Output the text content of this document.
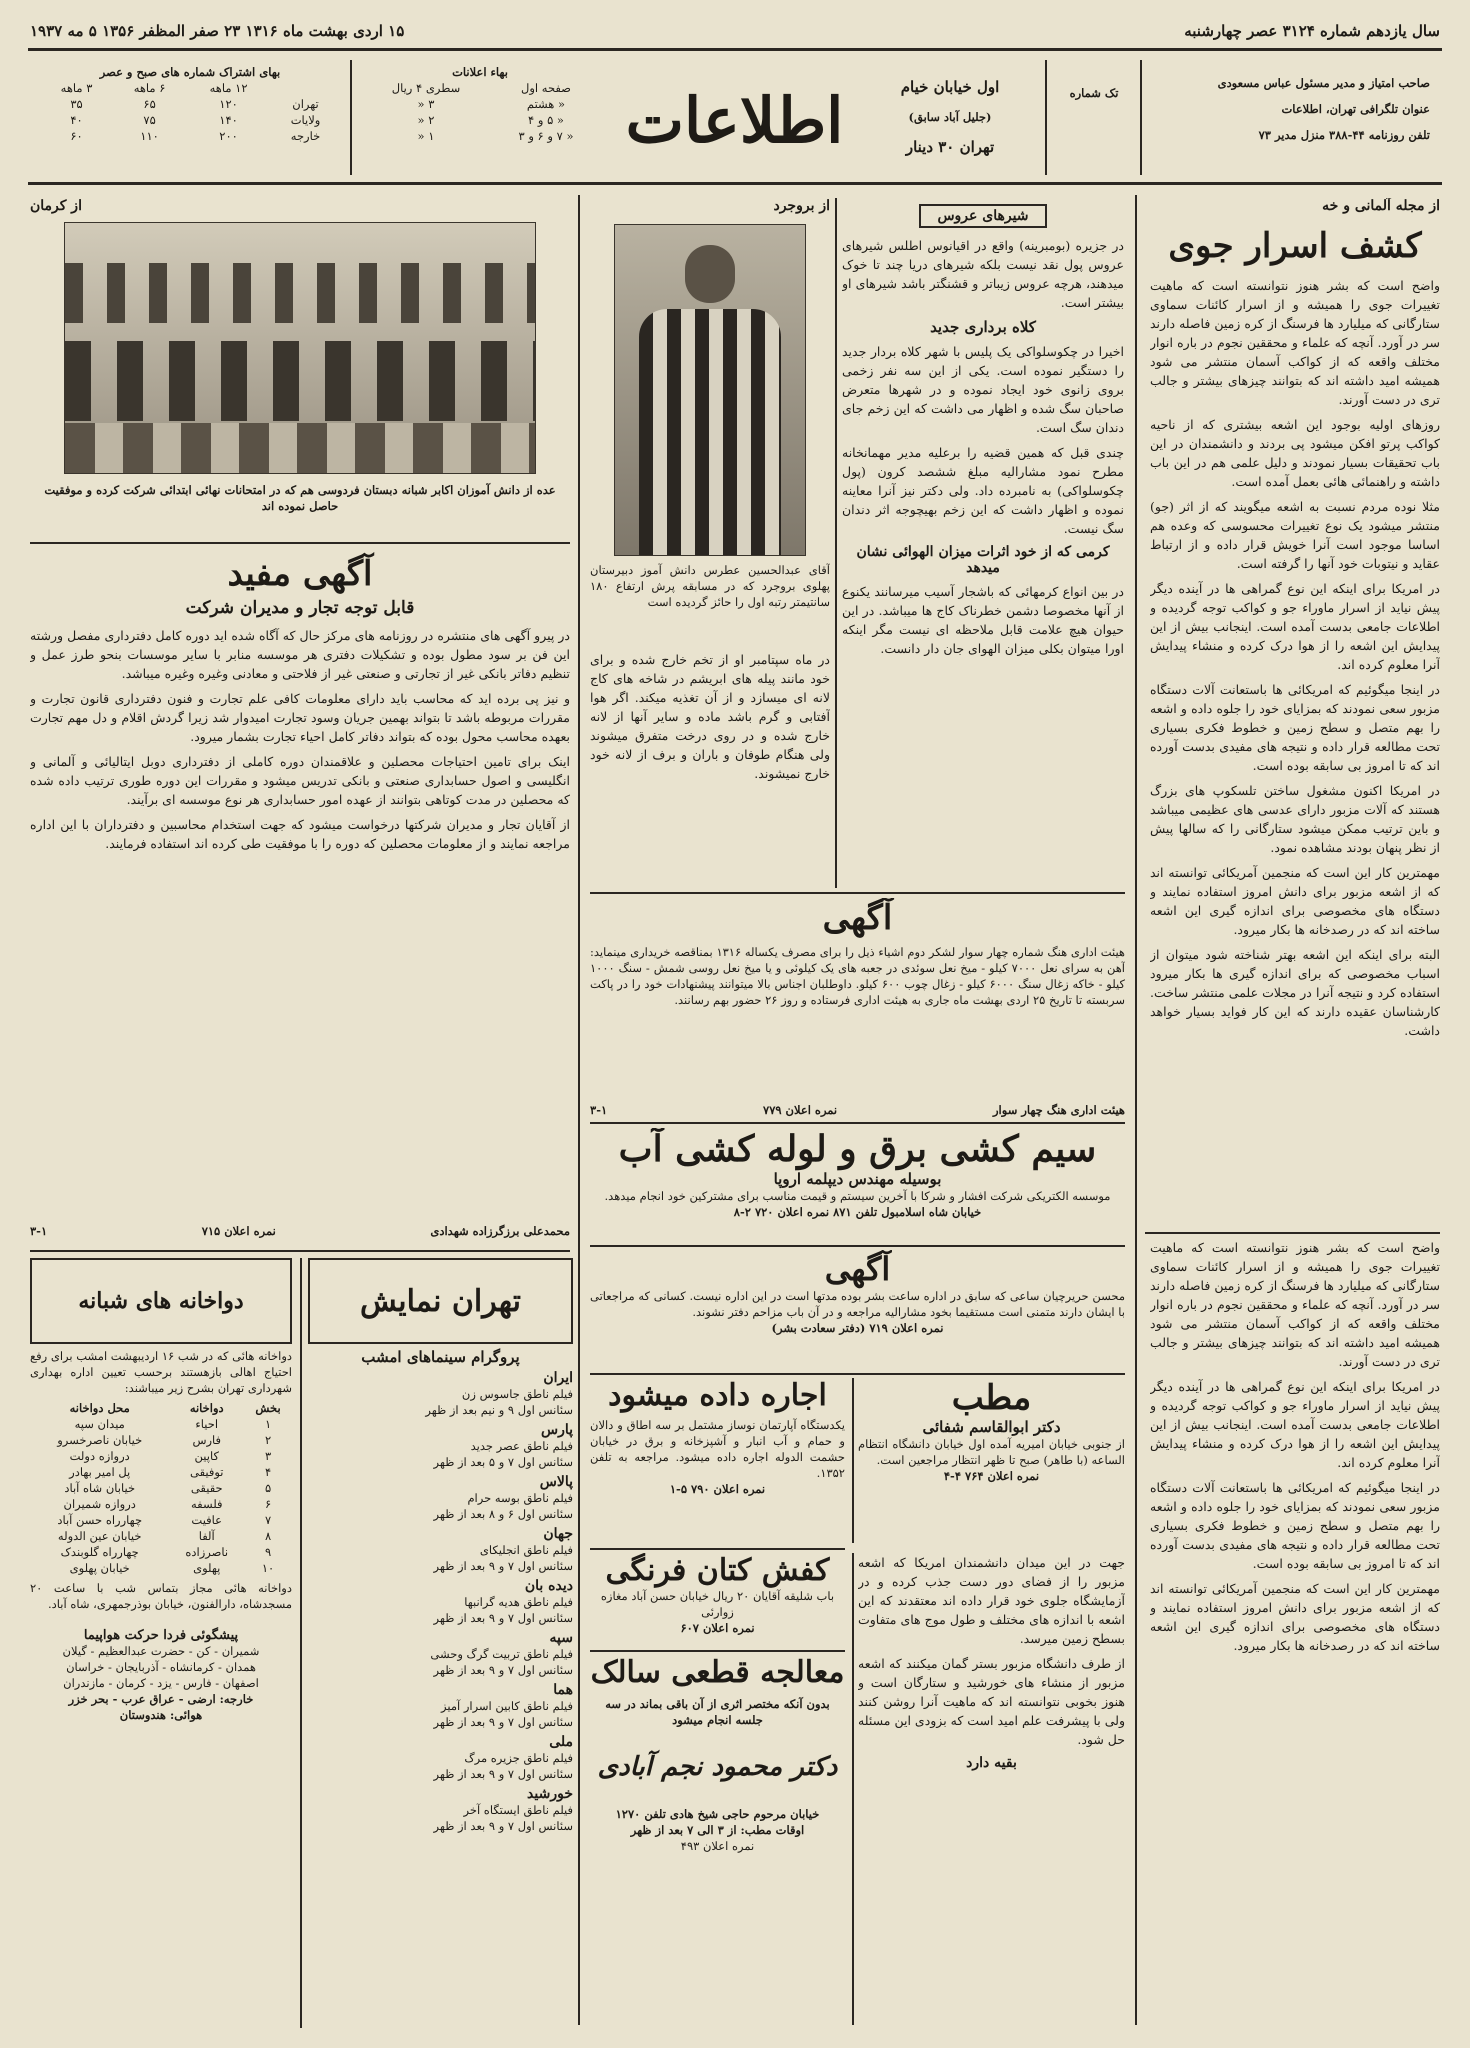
سال یازدهم شماره ۳۱۲۴ عصر چهارشنبه
۱۵ اردی بهشت ماه ۱۳۱۶ ۲۳ صفر المظفر ۱۳۵۶ ۵ مه ۱۹۳۷
صاحب امتیاز و مدیر مسئول عباس مسعودی
عنوان تلگرافی تهران، اطلاعات
تلفن روزنامه ۴۴-۳۸۸ منزل مدیر ۷۳
تک شماره
اول خیابان خیام
(جلیل آباد سابق)
تهران ۳۰ دینار
اطلاعات
بهاء اعلانات
صفحه اول	سطری ۴ ریال
« هشتم	۳ «
« ۵ و ۴	۲ «
« ۷ و ۶ و ۳	۱ «
بهای اشتراک شماره های صبح و عصر
	۱۲ ماهه	۶ ماهه	۳ ماهه
تهران	۱۲۰	۶۵	۳۵
ولایات	۱۴۰	۷۵	۴۰
خارجه	۲۰۰	۱۱۰	۶۰
از مجله آلمانی و خه
کشف اسرار جوی
واضح است که بشر هنوز نتوانسته است که ماهیت تغییرات جوی را همیشه و از اسرار کائنات سماوی ستارگانی که میلیارد ها فرسنگ از کره زمین فاصله دارند سر در آورد. آنچه که علماء و محققین نجوم در باره انوار مختلف واقعه که از کواکب آسمان منتشر می شود همیشه امید داشته اند که بتوانند چیزهای بیشتر و جالب تری در دست آورند.
روزهای اولیه بوجود این اشعه بیشتری که از ناحیه کواکب پرتو افکن میشود پی بردند و دانشمندان در این باب تحقیقات بسیار نمودند و دلیل علمی هم در این باب داشته و راهنمائی هائی بعمل آمده است.
مثلا نوده مردم نسبت به اشعه میگویند که از اثر (جو) منتشر میشود یک نوع تغییرات محسوسی که وعده هم اساسا موجود است آنرا خویش قرار داده و از ارتباط عقاید و نیتوبات خود آنها را گرفته است.
در امریکا برای اینکه این نوع گمراهی ها در آینده دیگر پیش نیاید از اسرار ماوراء جو و کواکب توجه گردیده و اطلاعات جامعی بدست آمده است. اینجانب بیش از این پیدایش این اشعه را از هوا درک کرده و منشاء پیدایش آنرا معلوم کرده اند.
در اینجا میگوئیم که امریکائی ها باستعانت آلات دستگاه مزبور سعی نمودند که بمزایای خود را جلوه داده و اشعه را بهم متصل و سطح زمین و خطوط فکری بسیاری تحت مطالعه قرار داده و نتیجه های مفیدی بدست آورده اند که تا امروز بی سابقه بوده است.
در امریکا اکنون مشغول ساختن تلسکوپ های بزرگ هستند که آلات مزبور دارای عدسی های عظیمی میباشد و باین ترتیب ممکن میشود ستارگانی را که سالها پیش از نظر پنهان بودند مشاهده نمود.
مهمترین کار این است که منجمین آمریکائی توانسته اند که از اشعه مزبور برای دانش امروز استفاده نمایند و دستگاه های مخصوصی برای اندازه گیری این اشعه ساخته اند که در رصدخانه ها بکار میرود.
البته برای اینکه این اشعه بهتر شناخته شود میتوان از اسباب مخصوصی که برای اندازه گیری ها بکار میرود استفاده کرد و نتیجه آنرا در مجلات علمی منتشر ساخت. کارشناسان عقیده دارند که این کار فواید بسیار خواهد داشت.
شیرهای عروس
در جزیره (بومبرینه) واقع در اقیانوس اطلس شیرهای عروس پول نقد نیست بلکه شیرهای دریا چند تا خوک میدهند، هرچه عروس زیباتر و قشنگتر باشد شیرهای او بیشتر است.
کلاه برداری جدید
اخیرا در چکوسلواکی یک پلیس با شهر کلاه بردار جدید را دستگیر نموده است. یکی از این سه نفر زخمی بروی زانوی خود ایجاد نموده و در شهرها متعرض صاحبان سگ شده و اظهار می داشت که این زخم جای دندان سگ است.
چندی قبل که همین قضیه را برعلیه مدیر مهمانخانه مطرح نمود مشارالیه مبلغ ششصد کرون (پول چکوسلواکی) به نامبرده داد. ولی دکتر نیز آنرا معاینه نموده و اظهار داشت که این زخم بهیچوجه اثر دندان سگ نیست.
کرمی که از خود اثرات میزان الهوائی نشان میدهد
در بین انواع کرمهائی که باشجار آسیب میرسانند یکنوع از آنها مخصوصا دشمن خطرناک کاج ها میباشد. در این حیوان هیچ علامت قابل ملاحظه ای نیست مگر اینکه اورا میتوان بکلی میزان الهوای جان دار دانست.
از بروجرد
آقای عبدالحسین عطرس دانش آموز دبیرستان پهلوی بروجرد که در مسابقه پرش ارتفاع ۱۸۰ سانتیمتر رتبه اول را حائز گردیده است
در ماه سپتامبر او از تخم خارج شده و برای خود مانند پیله های ابریشم در شاخه های کاج لانه ای میسازد و از آن تغذیه میکند. اگر هوا آفتابی و گرم باشد ماده و سایر آنها از لانه خارج شده و در روی درخت متفرق میشوند ولی هنگام طوفان و باران و برف از لانه خود خارج نمیشوند.
از کرمان
عده از دانش آموزان اکابر شبانه دبستان فردوسی هم که در امتحانات نهائی ابتدائی شرکت کرده و موفقیت حاصل نموده اند
آگهی مفید
قابل توجه تجار و مدیران شرکت
در پیرو آگهی های منتشره در روزنامه های مرکز حال که آگاه شده اید دوره کامل دفترداری مفصل ورشته این فن بر سود مطول بوده و تشکیلات دفتری هر موسسه منابر با سایر موسسات بنحو طرز عمل و تنظیم دفاتر بانکی غیر از تجارتی و صنعتی غیر از فلاحتی و معادنی وغیره وغیره میباشد.
و نیز پی برده اید که محاسب باید دارای معلومات کافی علم تجارت و فنون دفترداری قانون تجارت و مقررات مربوطه باشد تا بتواند بهمین جریان وسود تجارت امیدوار شد زیرا گردش اقلام و دل مهم تجارت بعهده محاسب محول بوده که بتواند دفاتر کامل احیاء تجارت بشمار میرود.
اینک برای تامین احتیاجات محصلین و علاقمندان دوره کاملی از دفترداری دوبل ایتالیائی و آلمانی و انگلیسی و اصول حسابداری صنعتی و بانکی تدریس میشود و مقررات این دوره طوری ترتیب داده شده که محصلین در مدت کوتاهی بتوانند از عهده امور حسابداری هر نوع موسسه ای برآیند.
از آقایان تجار و مدیران شرکتها درخواست میشود که جهت استخدام محاسبین و دفترداران با این اداره مراجعه نمایند و از معلومات محصلین که دوره را با موفقیت طی کرده اند استفاده فرمایند.
محمدعلی برزگرزاده شهدادی
نمره اعلان ۷۱۵
۳-۱
آگهی
هیئت اداری هنگ شماره چهار سوار لشکر دوم اشیاء ذیل را برای مصرف یکساله ۱۳۱۶ بمناقصه خریداری مینماید: آهن به سرای نعل ۷۰۰۰ کیلو - میخ نعل سوئدی در جعبه های یک کیلوئی و یا میخ نعل روسی شمش - سنگ ۱۰۰۰ کیلو - خاکه زغال سنگ ۶۰۰۰ کیلو - زغال چوب ۶۰۰ کیلو. داوطلبان اجناس بالا میتوانند پیشنهادات خود را در پاکت سربسته تا تاریخ ۲۵ اردی بهشت ماه جاری به هیئت اداری فرستاده و روز ۲۶ حضور بهم رسانند.
هیئت اداری هنگ چهار سوار
نمره اعلان ۷۷۹
۳-۱
سیم کشی برق و لوله کشی آب
بوسیله مهندس دیپلمه اروپا
موسسه الکتریکی شرکت افشار و شرکا با آخرین سیستم و قیمت مناسب برای مشترکین خود انجام میدهد.
خیابان شاه اسلامبول تلفن ۸۷۱ نمره اعلان ۷۲۰ ۲-۸
آگهی
محسن حریرچیان ساعی که سابق در اداره ساعت بشر بوده مدتها است در این اداره نیست. کسانی که مراجعاتی با ایشان دارند متمنی است مستقیما بخود مشارالیه مراجعه و در آن باب مزاحم دفتر نشوند.
نمره اعلان ۷۱۹ (دفتر سعادت بشر)
مطب
دکتر ابوالقاسم شفائی
از جنوبی خیابان امیریه آمده اول خیابان دانشگاه انتظام الساعه (با طاهر) صبح تا ظهر انتظار مراجعین است.
نمره اعلان ۷۶۴ ۴-۴
اجاره داده میشود
یکدستگاه آپارتمان نوساز مشتمل بر سه اطاق و دالان و حمام و آب انبار و آشپزخانه و برق در خیابان حشمت الدوله اجاره داده میشود. مراجعه به تلفن ۱۳۵۲.
نمره اعلان ۷۹۰ ۵-۱
کفش کتان فرنگی
باب شلیقه آقایان ۲۰ ریال خیابان حسن آباد مغازه زوارئی
نمره اعلان ۶۰۷
معالجه قطعی سالک
بدون آنکه مختصر اثری از آن باقی بماند در سه جلسه انجام میشود
دکتر محمود نجم آبادی
خیابان مرحوم حاجی شیخ هادی تلفن ۱۲۷۰
اوقات مطب: از ۳ الی ۷ بعد از ظهر
نمره اعلان ۴۹۳
جهت در این میدان دانشمندان امریکا که اشعه مزبور را از فضای دور دست جذب کرده و در آزمایشگاه جلوی خود قرار داده اند معتقدند که این اشعه با اندازه های مختلف و طول موج های متفاوت بسطح زمین میرسد.
از طرف دانشگاه مزبور بستر گمان میکنند که اشعه مزبور از منشاء های خورشید و ستارگان است و هنوز بخوبی نتوانسته اند که ماهیت آنرا روشن کنند ولی با پیشرفت علم امید است که بزودی این مسئله حل شود.
بقیه دارد
تهران نمایش
پروگرام سینماهای امشب
ایران
فیلم ناطق جاسوس زن
سئانس اول ۹ و نیم بعد از ظهر
پارس
فیلم ناطق عصر جدید
سئانس اول ۷ و ۵ بعد از ظهر
پالاس
فیلم ناطق بوسه حرام
سئانس اول ۶ و ۸ بعد از ظهر
جهان
فیلم ناطق انجلیکای
سئانس اول ۷ و ۹ بعد از ظهر
دیده بان
فیلم ناطق هدیه گرانبها
سئانس اول ۷ و ۹ بعد از ظهر
سپه
فیلم ناطق تربیت گرگ وحشی
سئانس اول ۷ و ۹ بعد از ظهر
هما
فیلم ناطق کابین اسرار آمیز
سئانس اول ۷ و ۹ بعد از ظهر
ملی
فیلم ناطق جزیره مرگ
سئانس اول ۷ و ۹ بعد از ظهر
خورشید
فیلم ناطق ایستگاه آخر
سئانس اول ۷ و ۹ بعد از ظهر
دواخانه های شبانه
دواخانه هائی که در شب ۱۶ اردیبهشت امشب برای رفع احتیاج اهالی بازهستند برحسب تعیین اداره بهداری شهرداری تهران بشرح زیر میباشند:
بخش	دواخانه	محل دواخانه
۱	احیاء	میدان سپه
۲	فارس	خیابان ناصرخسرو
۳	کاپین	دروازه دولت
۴	توفیقی	پل امیر بهادر
۵	حقیقی	خیابان شاه آباد
۶	فلسفه	دروازه شمیران
۷	عافیت	چهارراه حسن آباد
۸	آلفا	خیابان عین الدوله
۹	ناصرزاده	چهارراه گلوبندک
۱۰	پهلوی	خیابان پهلوی
دواخانه هائی مجاز بتماس شب با ساعت ۲۰ مسجدشاه، دارالفنون، خیابان بوذرجمهری، شاه آباد.
پیشگوئی فردا حرکت هواپیما
شمیران - کن - حضرت عبدالعظیم - گیلان
همدان - کرمانشاه - آذربایجان - خراسان
اصفهان - فارس - یزد - کرمان - مازندران
خارجه: ارضی - عراق عرب - بحر خزر
هوائی: هندوستان
واضح است که بشر هنوز نتوانسته است که ماهیت تغییرات جوی را همیشه و از اسرار کائنات سماوی ستارگانی که میلیارد ها فرسنگ از کره زمین فاصله دارند سر در آورد. آنچه که علماء و محققین نجوم در باره انوار مختلف واقعه که از کواکب آسمان منتشر می شود همیشه امید داشته اند که بتوانند چیزهای بیشتر و جالب تری در دست آورند.
در امریکا برای اینکه این نوع گمراهی ها در آینده دیگر پیش نیاید از اسرار ماوراء جو و کواکب توجه گردیده و اطلاعات جامعی بدست آمده است. اینجانب بیش از این پیدایش این اشعه را از هوا درک کرده و منشاء پیدایش آنرا معلوم کرده اند.
در اینجا میگوئیم که امریکائی ها باستعانت آلات دستگاه مزبور سعی نمودند که بمزایای خود را جلوه داده و اشعه را بهم متصل و سطح زمین و خطوط فکری بسیاری تحت مطالعه قرار داده و نتیجه های مفیدی بدست آورده اند که تا امروز بی سابقه بوده است.
مهمترین کار این است که منجمین آمریکائی توانسته اند که از اشعه مزبور برای دانش امروز استفاده نمایند و دستگاه های مخصوصی برای اندازه گیری این اشعه ساخته اند که در رصدخانه ها بکار میرود.
